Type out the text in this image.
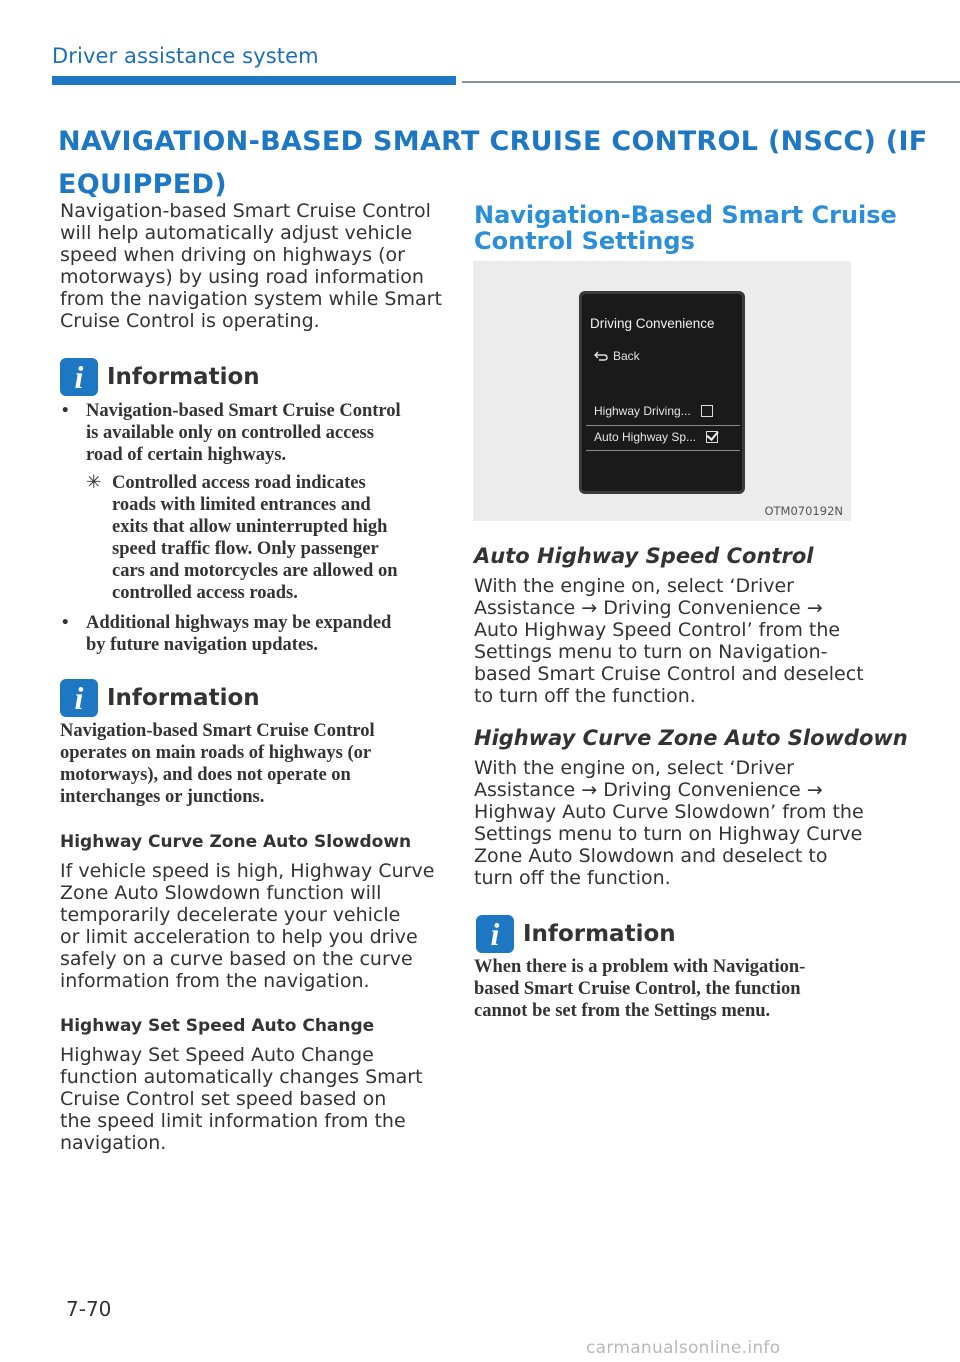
Driver assistance system
NAVIGATION-BASED SMART CRUISE CONTROL (NSCC) (IF
EQUIPPED)
Navigation-based Smart Cruise Control
will help automatically adjust vehicle
speed when driving on highways (or
motorways) by using road information
from the navigation system while Smart
Cruise Control is operating.
i	Information
• Navigation-based Smart Cruise Control
is available only on controlled access
road of certain highways.
✳ Controlled access road indicates
roads with limited entrances and
exits that allow uninterrupted high
speed traffic flow. Only passenger
cars and motorcycles are allowed on
controlled access roads.
• Additional highways may be expanded
by future navigation updates.
i	Information
Navigation-based Smart Cruise Control
operates on main roads of highways (or
motorways), and does not operate on
interchanges or junctions.
Highway Curve Zone Auto Slowdown
If vehicle speed is high, Highway Curve
Zone Auto Slowdown function will
temporarily decelerate your vehicle
or limit acceleration to help you drive
safely on a curve based on the curve
information from the navigation.
Highway Set Speed Auto Change
Highway Set Speed Auto Change
function automatically changes Smart
Cruise Control set speed based on
the speed limit information from the
navigation.
Navigation-Based Smart Cruise
Control Settings
Driving Convenience
Back
Highway Driving...
Auto Highway Sp...
OTM070192N
Auto Highway Speed Control
With the engine on, select ‘Driver
Assistance → Driving Convenience →
Auto Highway Speed Control’ from the
Settings menu to turn on Navigation-
based Smart Cruise Control and deselect
to turn off the function.
Highway Curve Zone Auto Slowdown
With the engine on, select ‘Driver
Assistance → Driving Convenience →
Highway Auto Curve Slowdown’ from the
Settings menu to turn on Highway Curve
Zone Auto Slowdown and deselect to
turn off the function.
i	Information
When there is a problem with Navigation-
based Smart Cruise Control, the function
cannot be set from the Settings menu.
7-70
carmanualsonline.info
